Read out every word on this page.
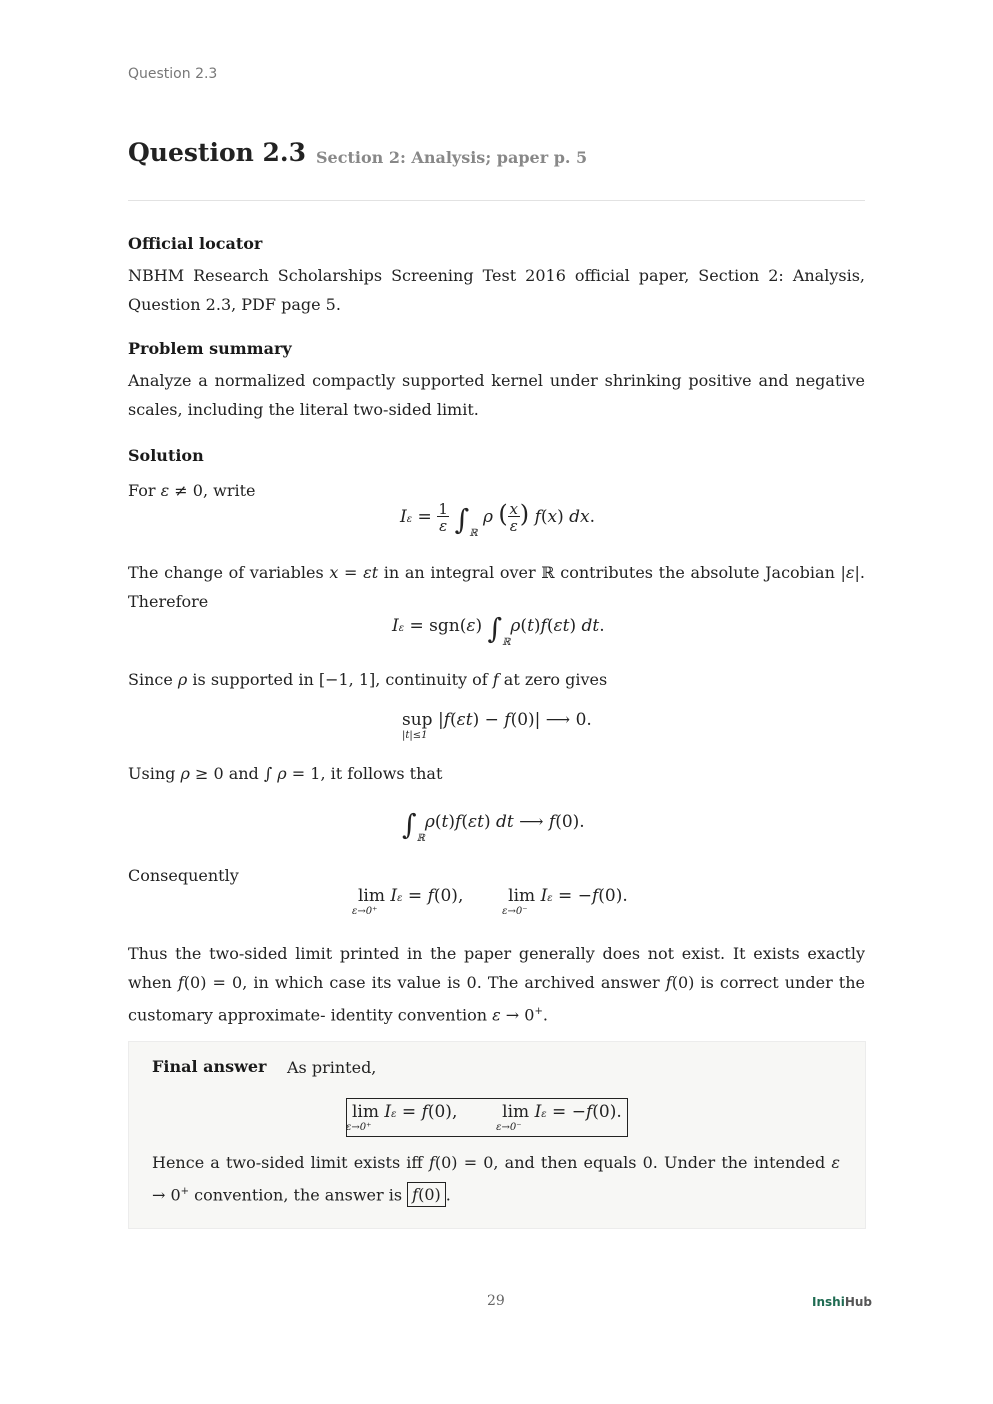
Question 2.3
Question 2.3 Section 2: Analysis; paper p. 5
Official locator
NBHM Research Scholarships Screening Test 2016 official paper, Section 2: Analysis, Question 2.3, PDF page 5.
Problem summary
Analyze a normalized compactly supported kernel under shrinking positive and negative scales, including the literal two-sided limit.
Solution
For ε ≠ 0, write
Iε = 1
ε $\int_ℝ$ ρ $(\frac{x}{\varepsilon})$ f(x) dx.
The change of variables x = εt in an integral over ℝ contributes the absolute Jacobian |ε|. Therefore
Iε = sgn(ε) $\int_ℝ\rho(t)f(\varepsilon t)$ dt.
Since ρ is supported in [−1, 1], continuity of f at zero gives
sup
|t|≤1
|f(εt) − f(0)| ⟶ 0.
Using ρ ≥ 0 and ∫ ρ = 1, it follows that
$\int_ℝ\rho(t)f(\varepsilon t)$ dt ⟶ f(0).
Consequently
lim
ε→0⁺
Iε = f(0),  lim
ε→0⁻
Iε = −f(0).
Thus the two-sided limit printed in the paper generally does not exist. It exists exactly when f(0) = 0, in which case its value is 0. The archived answer f(0) is correct under the customary approximate- identity convention ε → 0+.
Final answer As printed,
lim
ε→0⁺
Iε = f(0),  lim
ε→0⁻
Iε = −f(0).
Hence a two-sided limit exists iff f(0) = 0, and then equals 0. Under the intended ε → 0+ convention, the answer is f(0) .
29	InshiHub
